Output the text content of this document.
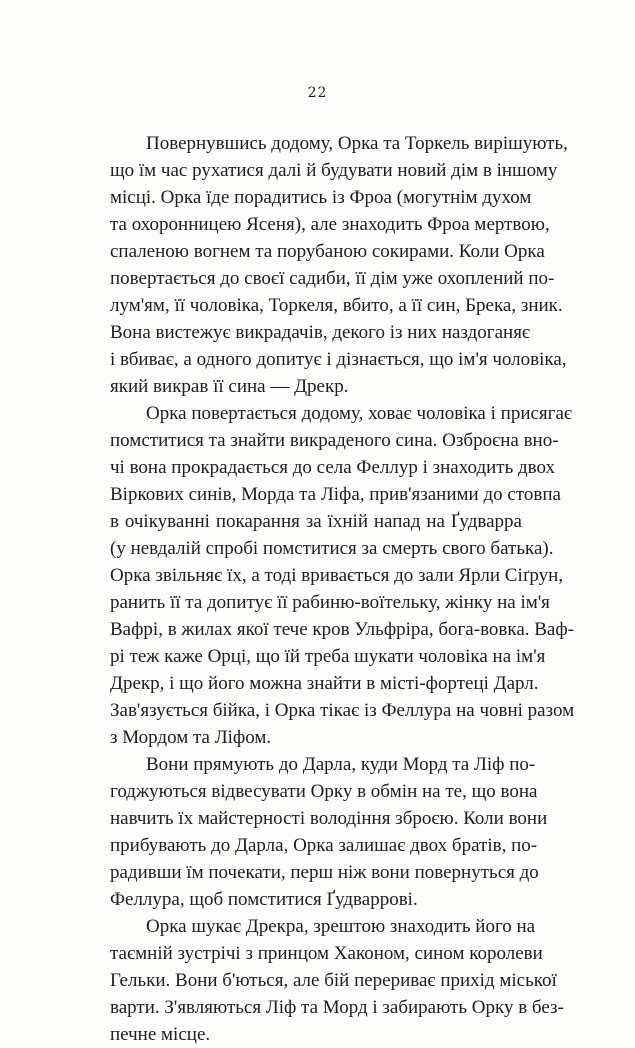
22
Повернувшись додому, Орка та Торкель вирішують,
що їм час рухатися далі й будувати новий дім в іншому
місці. Орка їде порадитись із Фроа (могутнім духом
та охоронницею Ясеня), але знаходить Фроа мертвою,
спаленою вогнем та порубаною сокирами. Коли Орка
повертається до своєї садиби, її дім уже охоплений по-
лум'ям, її чоловіка, Торкеля, вбито, а її син, Брека, зник.
Вона вистежує викрадачів, декого із них наздоганяє
і вбиває, а одного допитує і дізнається, що ім'я чоловіка,
який викрав її сина — Дрекр.
Орка повертається додому, ховає чоловіка і присягає
помститися та знайти викраденого сина. Озброєна вно-
чі вона прокрадається до села Феллур і знаходить двох
Віркових синів, Морда та Ліфа, прив'язаними до стовпа
в очікуванні покарання за їхній напад на Ґудварра
(у невдалій спробі помститися за смерть свого батька).
Орка звільняє їх, а тоді вривається до зали Ярли Сіґрун,
ранить її та допитує її рабиню-воїтельку, жінку на ім'я
Вафрі, в жилах якої тече кров Ульфріра, бога-вовка. Ваф-
рі теж каже Орці, що їй треба шукати чоловіка на ім'я
Дрекр, і що його можна знайти в місті-фортеці Дарл.
Зав'язується бійка, і Орка тікає із Феллура на човні разом
з Мордом та Ліфом.
Вони прямують до Дарла, куди Морд та Ліф по-
годжуються відвесувати Орку в обмін на те, що вона
навчить їх майстерності володіння зброєю. Коли вони
прибувають до Дарла, Орка залишає двох братів, по-
радивши їм почекати, перш ніж вони повернуться до
Феллура, щоб помститися Ґудваррові.
Орка шукає Дрекра, зрештою знаходить його на
таємній зустрічі з принцом Хаконом, сином королеви
Гельки. Вони б'ються, але бій перериває прихід міської
варти. З'являються Ліф та Морд і забирають Орку в без-
печне місце.
